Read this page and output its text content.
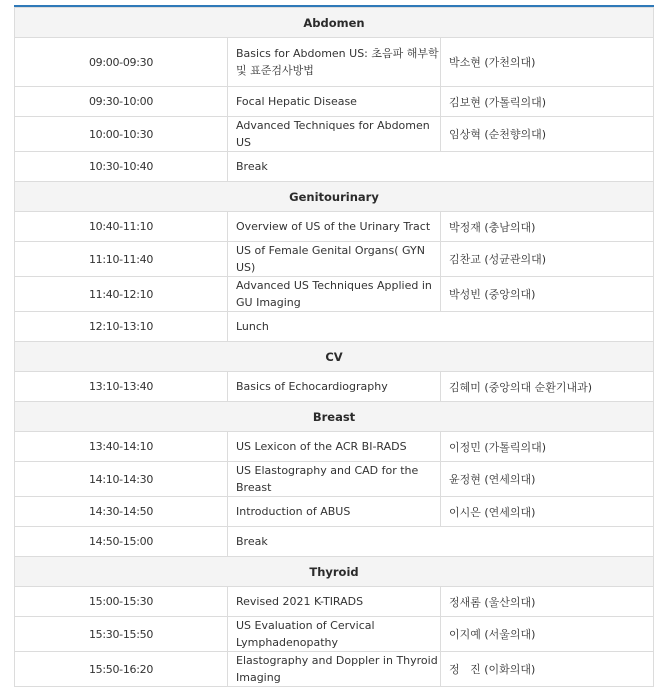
Abdomen		
09:00-09:30	Basics for Abdomen US: 초음파 해부학 및 표준검사방법	박소현 (가천의대)
09:30-10:00	Focal Hepatic Disease	김보현 (가톨릭의대)
10:00-10:30	Advanced Techniques for Abdomen US	임상혁 (순천향의대)
10:30-10:40	Break	
Genitourinary		
10:40-11:10	Overview of US of the Urinary Tract	박정재 (충남의대)
11:10-11:40	US of Female Genital Organs( GYN US)	김찬교 (성균관의대)
11:40-12:10	Advanced US Techniques Applied in GU Imaging	박성빈 (중앙의대)
12:10-13:10	Lunch	
CV		
13:10-13:40	Basics of Echocardiography	김혜미 (중앙의대 순환기내과)
Breast		
13:40-14:10	US Lexicon of the ACR BI-RADS	이정민 (가톨릭의대)
14:10-14:30	US Elastography and CAD for the Breast	윤정현 (연세의대)
14:30-14:50	Introduction of ABUS	이시은 (연세의대)
14:50-15:00	Break	
Thyroid		
15:00-15:30	Revised 2021 K-TIRADS	정새롬 (울산의대)
15:30-15:50	US Evaluation of Cervical Lymphadenopathy	이지예 (서울의대)
15:50-16:20	Elastography and Doppler in Thyroid Imaging	정   진 (이화의대)
